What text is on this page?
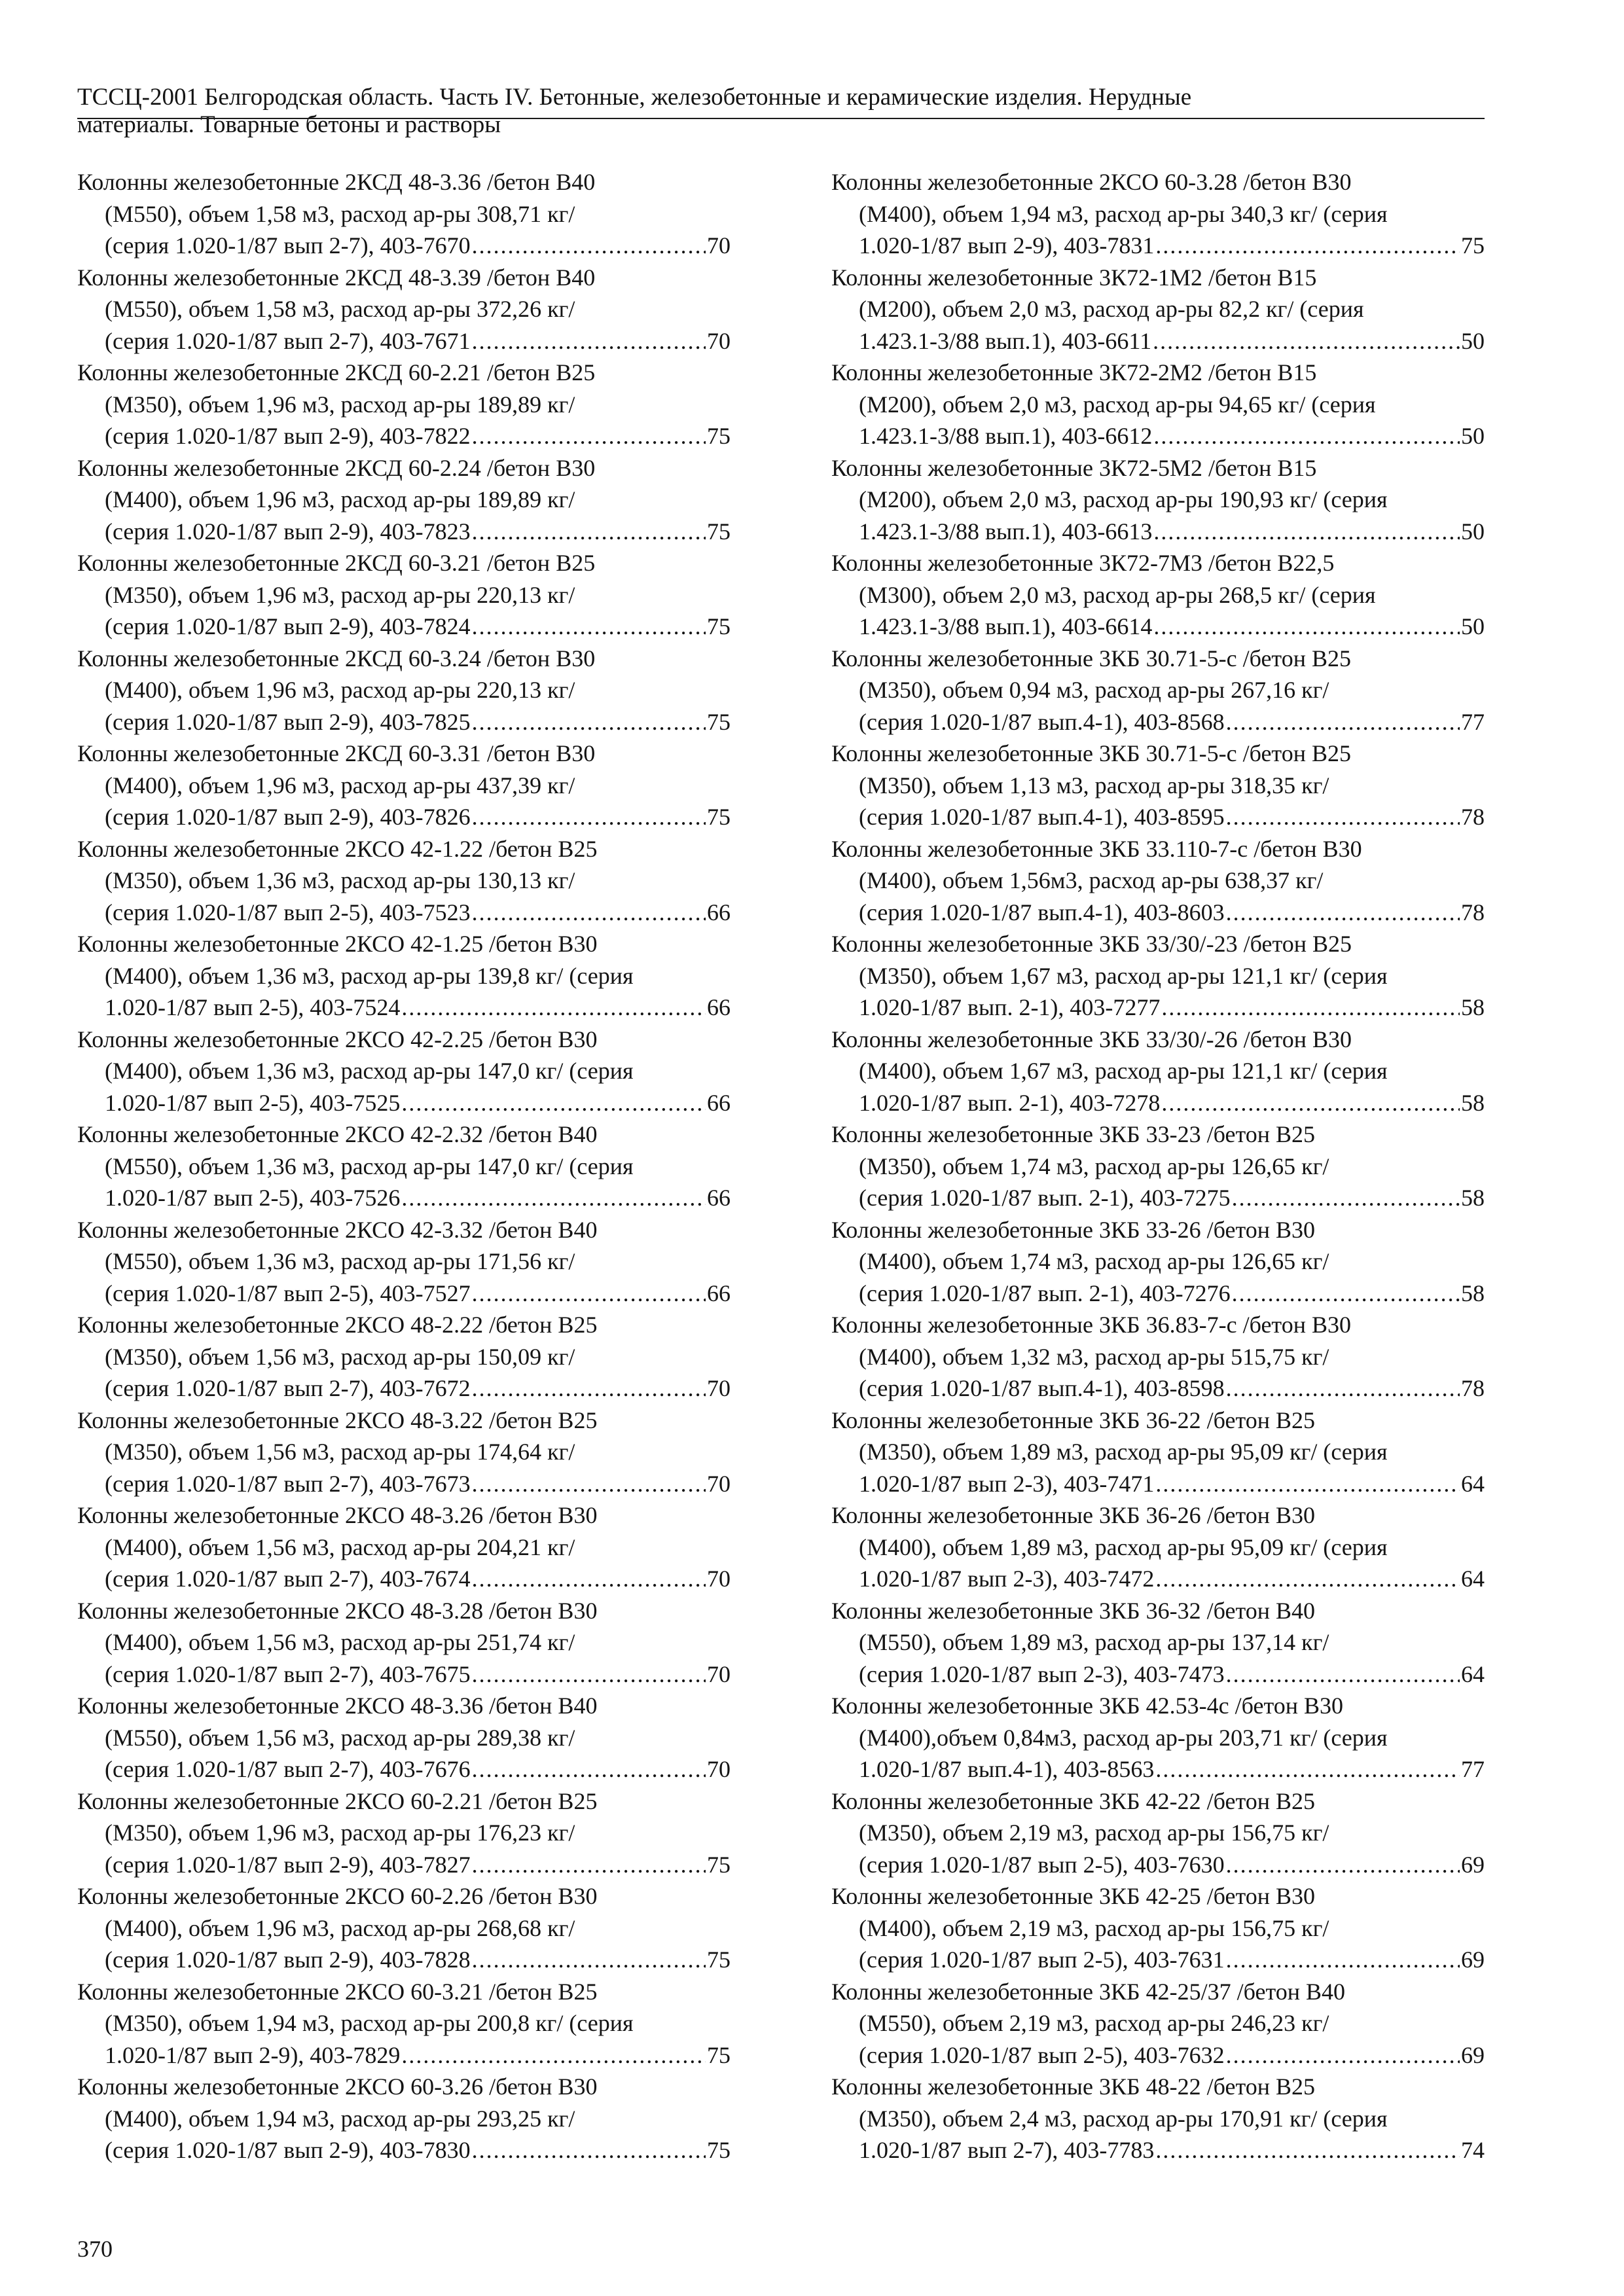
ТССЦ-2001 Белгородская область. Часть IV. Бетонные, железобетонные и керамические изделия. Нерудные
материалы. Товарные бетоны и растворы
Колонны железобетонные 2КСД 48-3.36 /бетон В40
(М550), объем 1,58 м3, расход ар-ры 308,71 кг/
(серия 1.020-1/87 вып 2-7), 403-7670 .....	70
Колонны железобетонные 2КСД 48-3.39 /бетон В40
(М550), объем 1,58 м3, расход ар-ры 372,26 кг/
(серия 1.020-1/87 вып 2-7), 403-7671 .....	70
Колонны железобетонные 2КСД 60-2.21 /бетон В25
(М350), объем 1,96 м3, расход ар-ры 189,89 кг/
(серия 1.020-1/87 вып 2-9), 403-7822 .....	75
Колонны железобетонные 2КСД 60-2.24 /бетон В30
(М400), объем 1,96 м3, расход ар-ры 189,89 кг/
(серия 1.020-1/87 вып 2-9), 403-7823 .....	75
Колонны железобетонные 2КСД 60-3.21 /бетон В25
(М350), объем 1,96 м3, расход ар-ры 220,13 кг/
(серия 1.020-1/87 вып 2-9), 403-7824 .....	75
Колонны железобетонные 2КСД 60-3.24 /бетон В30
(М400), объем 1,96 м3, расход ар-ры 220,13 кг/
(серия 1.020-1/87 вып 2-9), 403-7825 .....	75
Колонны железобетонные 2КСД 60-3.31 /бетон В30
(М400), объем 1,96 м3, расход ар-ры 437,39 кг/
(серия 1.020-1/87 вып 2-9), 403-7826 .....	75
Колонны железобетонные 2КСО 42-1.22 /бетон В25
(М350), объем 1,36 м3, расход ар-ры 130,13 кг/
(серия 1.020-1/87 вып 2-5), 403-7523 .....	66
Колонны железобетонные 2КСО 42-1.25 /бетон В30
(М400), объем 1,36 м3, расход ар-ры 139,8 кг/ (серия
1.020-1/87 вып 2-5), 403-7524 .....	66
Колонны железобетонные 2КСО 42-2.25 /бетон В30
(М400), объем 1,36 м3, расход ар-ры 147,0 кг/ (серия
1.020-1/87 вып 2-5), 403-7525 .....	66
Колонны железобетонные 2КСО 42-2.32 /бетон В40
(М550), объем 1,36 м3, расход ар-ры 147,0 кг/ (серия
1.020-1/87 вып 2-5), 403-7526 .....	66
Колонны железобетонные 2КСО 42-3.32 /бетон В40
(М550), объем 1,36 м3, расход ар-ры 171,56 кг/
(серия 1.020-1/87 вып 2-5), 403-7527 .....	66
Колонны железобетонные 2КСО 48-2.22 /бетон В25
(М350), объем 1,56 м3, расход ар-ры 150,09 кг/
(серия 1.020-1/87 вып 2-7), 403-7672 .....	70
Колонны железобетонные 2КСО 48-3.22 /бетон В25
(М350), объем 1,56 м3, расход ар-ры 174,64 кг/
(серия 1.020-1/87 вып 2-7), 403-7673 .....	70
Колонны железобетонные 2КСО 48-3.26 /бетон В30
(М400), объем 1,56 м3, расход ар-ры 204,21 кг/
(серия 1.020-1/87 вып 2-7), 403-7674 .....	70
Колонны железобетонные 2КСО 48-3.28 /бетон В30
(М400), объем 1,56 м3, расход ар-ры 251,74 кг/
(серия 1.020-1/87 вып 2-7), 403-7675 .....	70
Колонны железобетонные 2КСО 48-3.36 /бетон В40
(М550), объем 1,56 м3, расход ар-ры 289,38 кг/
(серия 1.020-1/87 вып 2-7), 403-7676 .....	70
Колонны железобетонные 2КСО 60-2.21 /бетон В25
(М350), объем 1,96 м3, расход ар-ры 176,23 кг/
(серия 1.020-1/87 вып 2-9), 403-7827 .....	75
Колонны железобетонные 2КСО 60-2.26 /бетон В30
(М400), объем 1,96 м3, расход ар-ры 268,68 кг/
(серия 1.020-1/87 вып 2-9), 403-7828 .....	75
Колонны железобетонные 2КСО 60-3.21 /бетон В25
(М350), объем 1,94 м3, расход ар-ры 200,8 кг/ (серия
1.020-1/87 вып 2-9), 403-7829 .....	75
Колонны железобетонные 2КСО 60-3.26 /бетон В30
(М400), объем 1,94 м3, расход ар-ры 293,25 кг/
(серия 1.020-1/87 вып 2-9), 403-7830 .....	75
Колонны железобетонные 2КСО 60-3.28 /бетон В30
(М400), объем 1,94 м3, расход ар-ры 340,3 кг/ (серия
1.020-1/87 вып 2-9), 403-7831 .....	75
Колонны железобетонные 3К72-1М2 /бетон В15
(М200), объем 2,0 м3, расход ар-ры 82,2 кг/ (серия
1.423.1-3/88 вып.1), 403-6611 .....	50
Колонны железобетонные 3К72-2М2 /бетон В15
(М200), объем 2,0 м3, расход ар-ры 94,65 кг/ (серия
1.423.1-3/88 вып.1), 403-6612 .....	50
Колонны железобетонные 3К72-5М2 /бетон В15
(М200), объем 2,0 м3, расход ар-ры 190,93 кг/ (серия
1.423.1-3/88 вып.1), 403-6613 .....	50
Колонны железобетонные 3К72-7М3 /бетон В22,5
(М300), объем 2,0 м3, расход ар-ры 268,5 кг/ (серия
1.423.1-3/88 вып.1), 403-6614 .....	50
Колонны железобетонные 3КБ 30.71-5-с /бетон В25
(М350), объем 0,94 м3, расход ар-ры 267,16 кг/
(серия 1.020-1/87 вып.4-1), 403-8568 .....	77
Колонны железобетонные 3КБ 30.71-5-с /бетон В25
(М350), объем 1,13 м3, расход ар-ры 318,35 кг/
(серия 1.020-1/87 вып.4-1), 403-8595 .....	78
Колонны железобетонные 3КБ 33.110-7-с /бетон В30
(М400), объем 1,56м3, расход ар-ры 638,37 кг/
(серия 1.020-1/87 вып.4-1), 403-8603 .....	78
Колонны железобетонные 3КБ 33/30/-23 /бетон В25
(М350), объем 1,67 м3, расход ар-ры 121,1 кг/ (серия
1.020-1/87 вып. 2-1), 403-7277 .....	58
Колонны железобетонные 3КБ 33/30/-26 /бетон В30
(М400), объем 1,67 м3, расход ар-ры 121,1 кг/ (серия
1.020-1/87 вып. 2-1), 403-7278 .....	58
Колонны железобетонные 3КБ 33-23 /бетон В25
(М350), объем 1,74 м3, расход ар-ры 126,65 кг/
(серия 1.020-1/87 вып. 2-1), 403-7275 .....	58
Колонны железобетонные 3КБ 33-26 /бетон В30
(М400), объем 1,74 м3, расход ар-ры 126,65 кг/
(серия 1.020-1/87 вып. 2-1), 403-7276 .....	58
Колонны железобетонные 3КБ 36.83-7-с /бетон В30
(М400), объем 1,32 м3, расход ар-ры 515,75 кг/
(серия 1.020-1/87 вып.4-1), 403-8598 .....	78
Колонны железобетонные 3КБ 36-22 /бетон В25
(М350), объем 1,89 м3, расход ар-ры 95,09 кг/ (серия
1.020-1/87 вып 2-3), 403-7471 .....	64
Колонны железобетонные 3КБ 36-26 /бетон В30
(М400), объем 1,89 м3, расход ар-ры 95,09 кг/ (серия
1.020-1/87 вып 2-3), 403-7472 .....	64
Колонны железобетонные 3КБ 36-32 /бетон В40
(М550), объем 1,89 м3, расход ар-ры 137,14 кг/
(серия 1.020-1/87 вып 2-3), 403-7473 .....	64
Колонны железобетонные 3КБ 42.53-4с /бетон В30
(М400),объем 0,84м3, расход ар-ры 203,71 кг/ (серия
1.020-1/87 вып.4-1), 403-8563 .....	77
Колонны железобетонные 3КБ 42-22 /бетон В25
(М350), объем 2,19 м3, расход ар-ры 156,75 кг/
(серия 1.020-1/87 вып 2-5), 403-7630 .....	69
Колонны железобетонные 3КБ 42-25 /бетон В30
(М400), объем 2,19 м3, расход ар-ры 156,75 кг/
(серия 1.020-1/87 вып 2-5), 403-7631 .....	69
Колонны железобетонные 3КБ 42-25/37 /бетон В40
(М550), объем 2,19 м3, расход ар-ры 246,23 кг/
(серия 1.020-1/87 вып 2-5), 403-7632 .....	69
Колонны железобетонные 3КБ 48-22 /бетон В25
(М350), объем 2,4 м3, расход ар-ры 170,91 кг/ (серия
1.020-1/87 вып 2-7), 403-7783 .....	74
370
